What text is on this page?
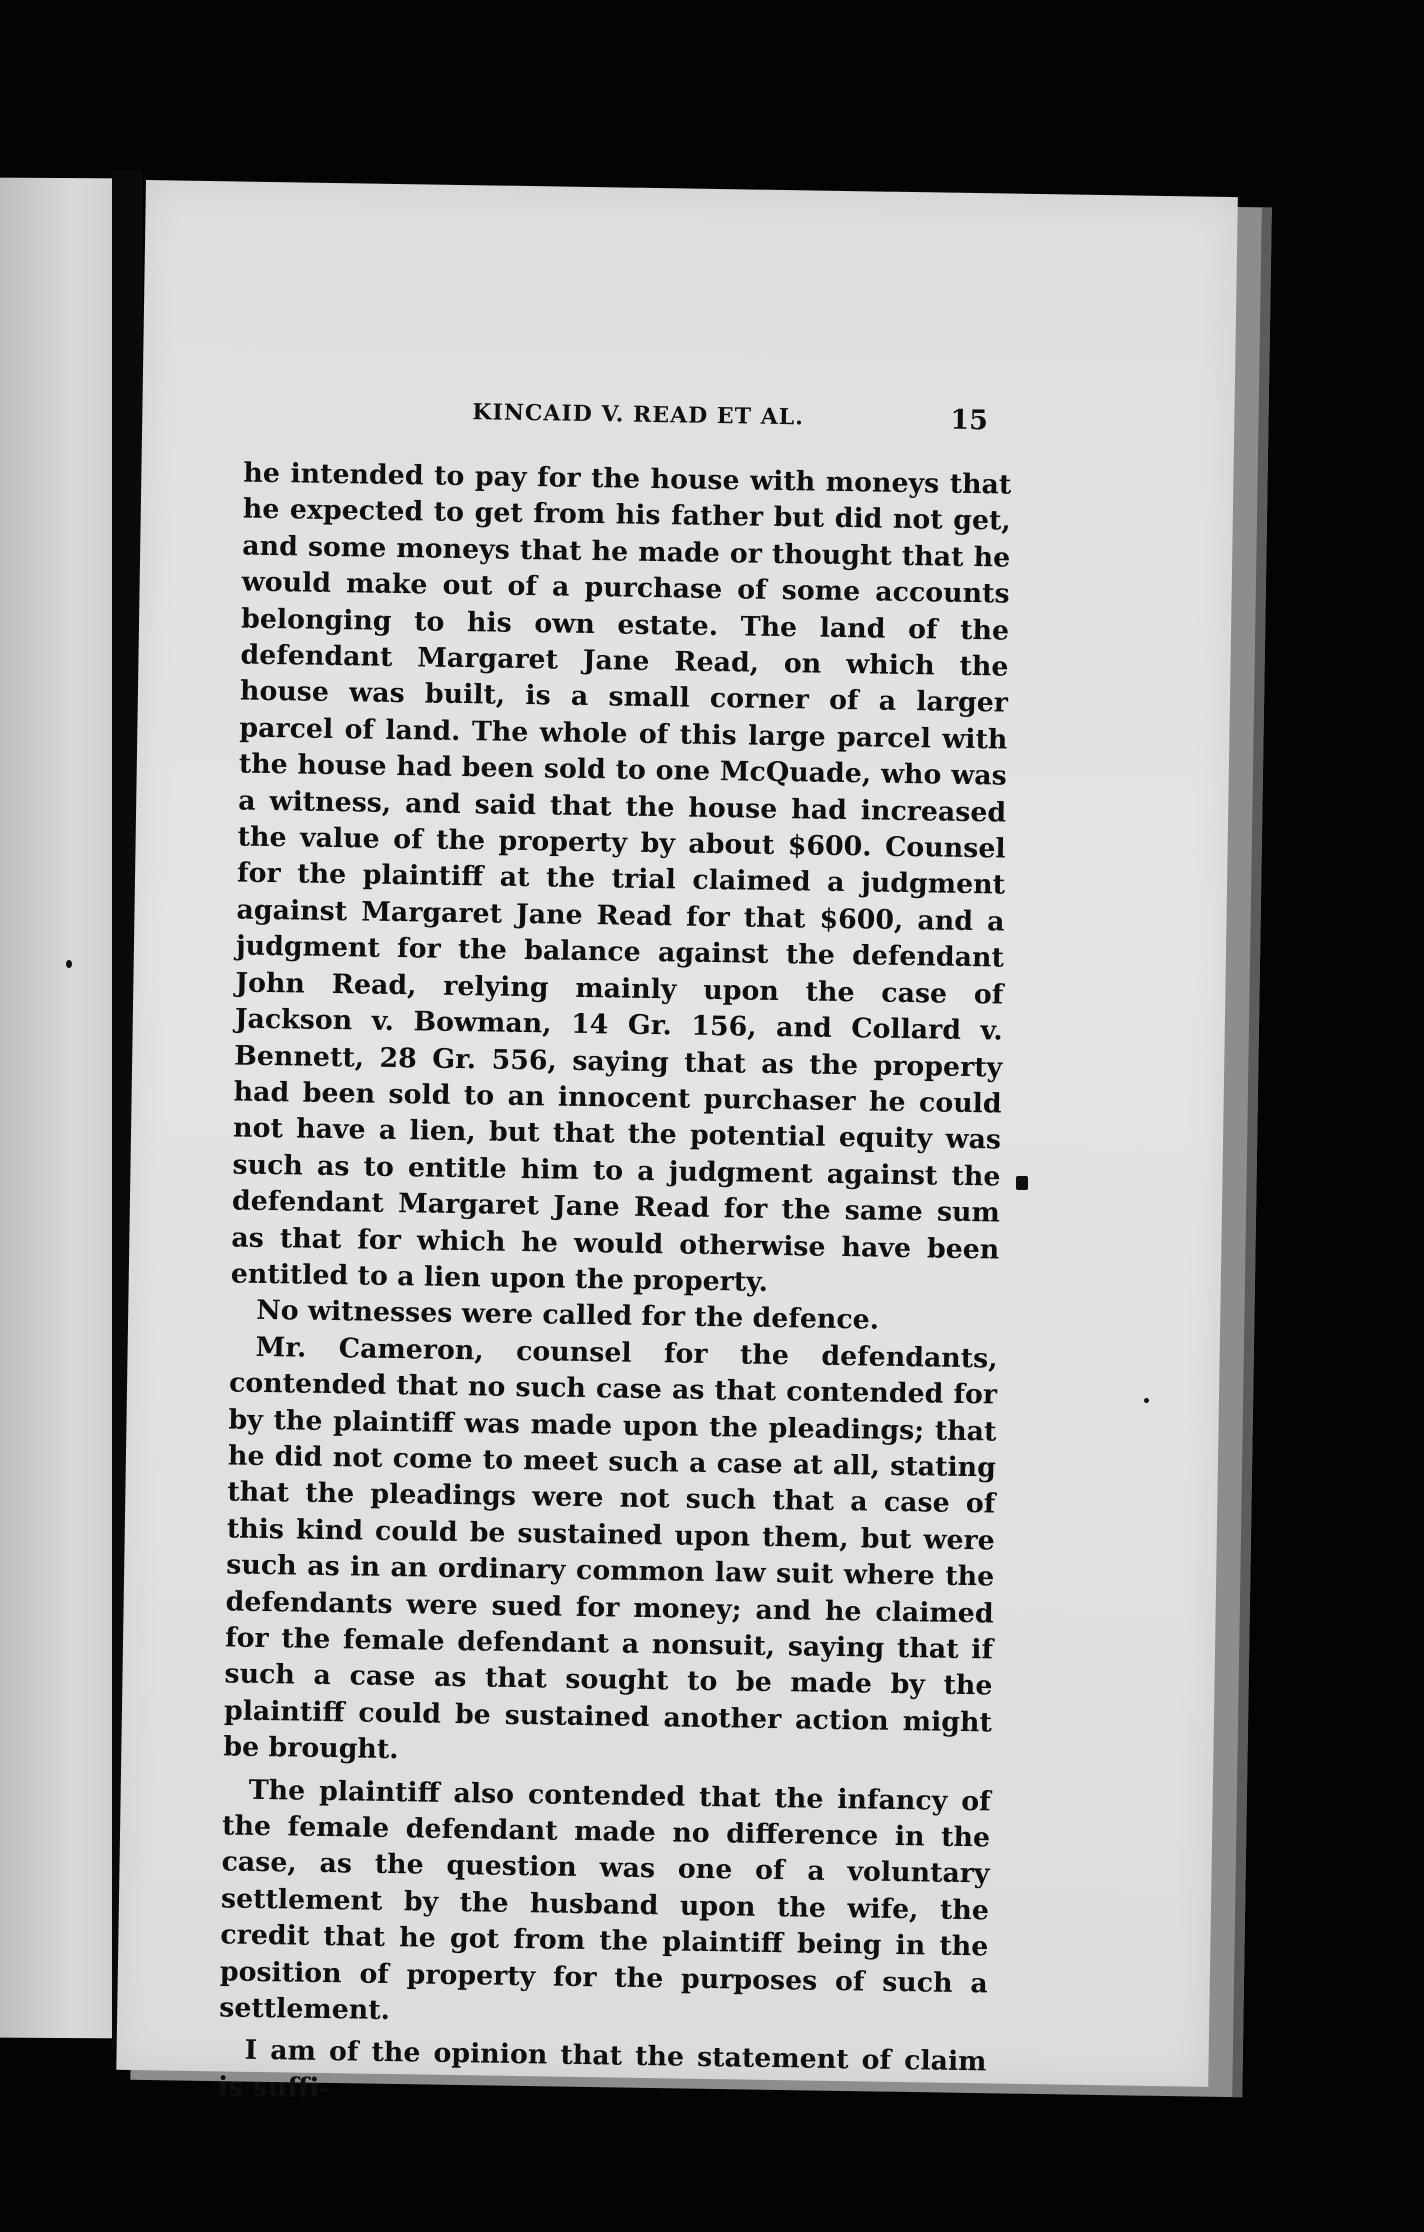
KINCAID V. READ ET AL.	15

he intended to pay for the house with moneys that he expected to get from his father but did not get, and some moneys that he made or thought that he would make out of a purchase of some accounts belonging to his own estate. The land of the defendant Margaret Jane Read, on which the house was built, is a small corner of a larger parcel of land. The whole of this large parcel with the house had been sold to one McQuade, who was a witness, and said that the house had increased the value of the property by about $600. Counsel for the plaintiff at the trial claimed a judgment against Margaret Jane Read for that $600, and a judgment for the balance against the defendant John Read, relying mainly upon the case of Jackson v. Bowman, 14 Gr. 156, and Collard v. Bennett, 28 Gr. 556, saying that as the property had been sold to an innocent purchaser he could not have a lien, but that the potential equity was such as to entitle him to a judgment against the defendant Margaret Jane Read for the same sum as that for which he would otherwise have been entitled to a lien upon the property.

No witnesses were called for the defence.

Mr. Cameron, counsel for the defendants, contended that no such case as that contended for by the plaintiff was made upon the pleadings; that he did not come to meet such a case at all, stating that the pleadings were not such that a case of this kind could be sustained upon them, but were such as in an ordinary common law suit where the defendants were sued for money; and he claimed for the female defendant a nonsuit, saying that if such a case as that sought to be made by the plaintiff could be sustained another action might be brought.

The plaintiff also contended that the infancy of the female defendant made no difference in the case, as the question was one of a voluntary settlement by the husband upon the wife, the credit that he got from the plaintiff being in the position of property for the purposes of such a settlement.

I am of the opinion that the statement of claim is suffi-
